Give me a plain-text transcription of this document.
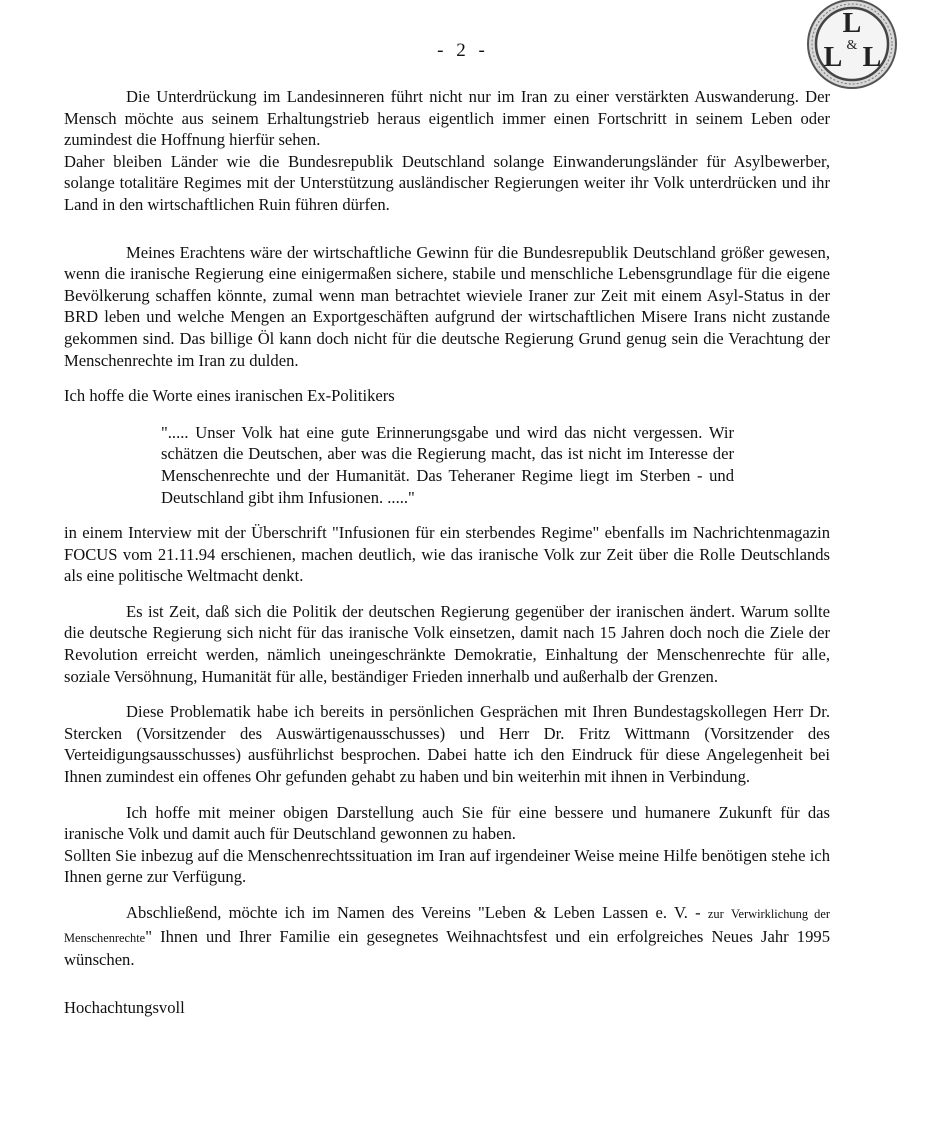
- 2 -
L
&
L L

Die Unterdrückung im Landesinneren führt nicht nur im Iran zu einer verstärkten Auswanderung. Der Mensch möchte aus seinem Erhaltungstrieb heraus eigentlich immer einen Fortschritt in seinem Leben oder zumindest die Hoffnung hierfür sehen.

Daher bleiben Länder wie die Bundesrepublik Deutschland solange Einwanderungsländer für Asylbewerber, solange totalitäre Regimes mit der Unterstützung ausländischer Regierungen weiter ihr Volk unterdrücken und ihr Land in den wirtschaftlichen Ruin führen dürfen.

Meines Erachtens wäre der wirtschaftliche Gewinn für die Bundesrepublik Deutschland größer gewesen, wenn die iranische Regierung eine einigermaßen sichere, stabile und menschliche Lebensgrundlage für die eigene Bevölkerung schaffen könnte, zumal wenn man betrachtet wieviele Iraner zur Zeit mit einem Asyl-Status in der BRD leben und welche Mengen an Exportgeschäften aufgrund der wirtschaftlichen Misere Irans nicht zustande gekommen sind. Das billige Öl kann doch nicht für die deutsche Regierung Grund genug sein die Verachtung der Menschenrechte im Iran zu dulden.

Ich hoffe die Worte eines iranischen Ex-Politikers

"..... Unser Volk hat eine gute Erinnerungsgabe und wird das nicht vergessen. Wir schätzen die Deutschen, aber was die Regierung macht, das ist nicht im Interesse der Menschenrechte und der Humanität. Das Teheraner Regime liegt im Sterben - und Deutschland gibt ihm Infusionen. ....."

in einem Interview mit der Überschrift "Infusionen für ein sterbendes Regime" ebenfalls im Nachrichtenmagazin FOCUS vom 21.11.94 erschienen, machen deutlich, wie das iranische Volk zur Zeit über die Rolle Deutschlands als eine politische Weltmacht denkt.

Es ist Zeit, daß sich die Politik der deutschen Regierung gegenüber der iranischen ändert. Warum sollte die deutsche Regierung sich nicht für das iranische Volk einsetzen, damit nach 15 Jahren doch noch die Ziele der Revolution erreicht werden, nämlich uneingeschränkte Demokratie, Einhaltung der Menschenrechte für alle, soziale Versöhnung, Humanität für alle, beständiger Frieden innerhalb und außerhalb der Grenzen.

Diese Problematik habe ich bereits in persönlichen Gesprächen mit Ihren Bundestagskollegen Herr Dr. Stercken (Vorsitzender des Auswärtigenausschusses) und Herr Dr. Fritz Wittmann (Vorsitzender des Verteidigungsausschusses) ausführlichst besprochen. Dabei hatte ich den Eindruck für diese Angelegenheit bei Ihnen zumindest ein offenes Ohr gefunden gehabt zu haben und bin weiterhin mit ihnen in Verbindung.

Ich hoffe mit meiner obigen Darstellung auch Sie für eine bessere und humanere Zukunft für das iranische Volk und damit auch für Deutschland gewonnen zu haben.

Sollten Sie inbezug auf die Menschenrechtssituation im Iran auf irgendeiner Weise meine Hilfe benötigen stehe ich Ihnen gerne zur Verfügung.

Abschließend, möchte ich im Namen des Vereins "Leben & Leben Lassen e. V. - zur Verwirklichung der Menschenrechte" Ihnen und Ihrer Familie ein gesegnetes Weihnachtsfest und ein erfolgreiches Neues Jahr 1995 wünschen.

Hochachtungsvoll
